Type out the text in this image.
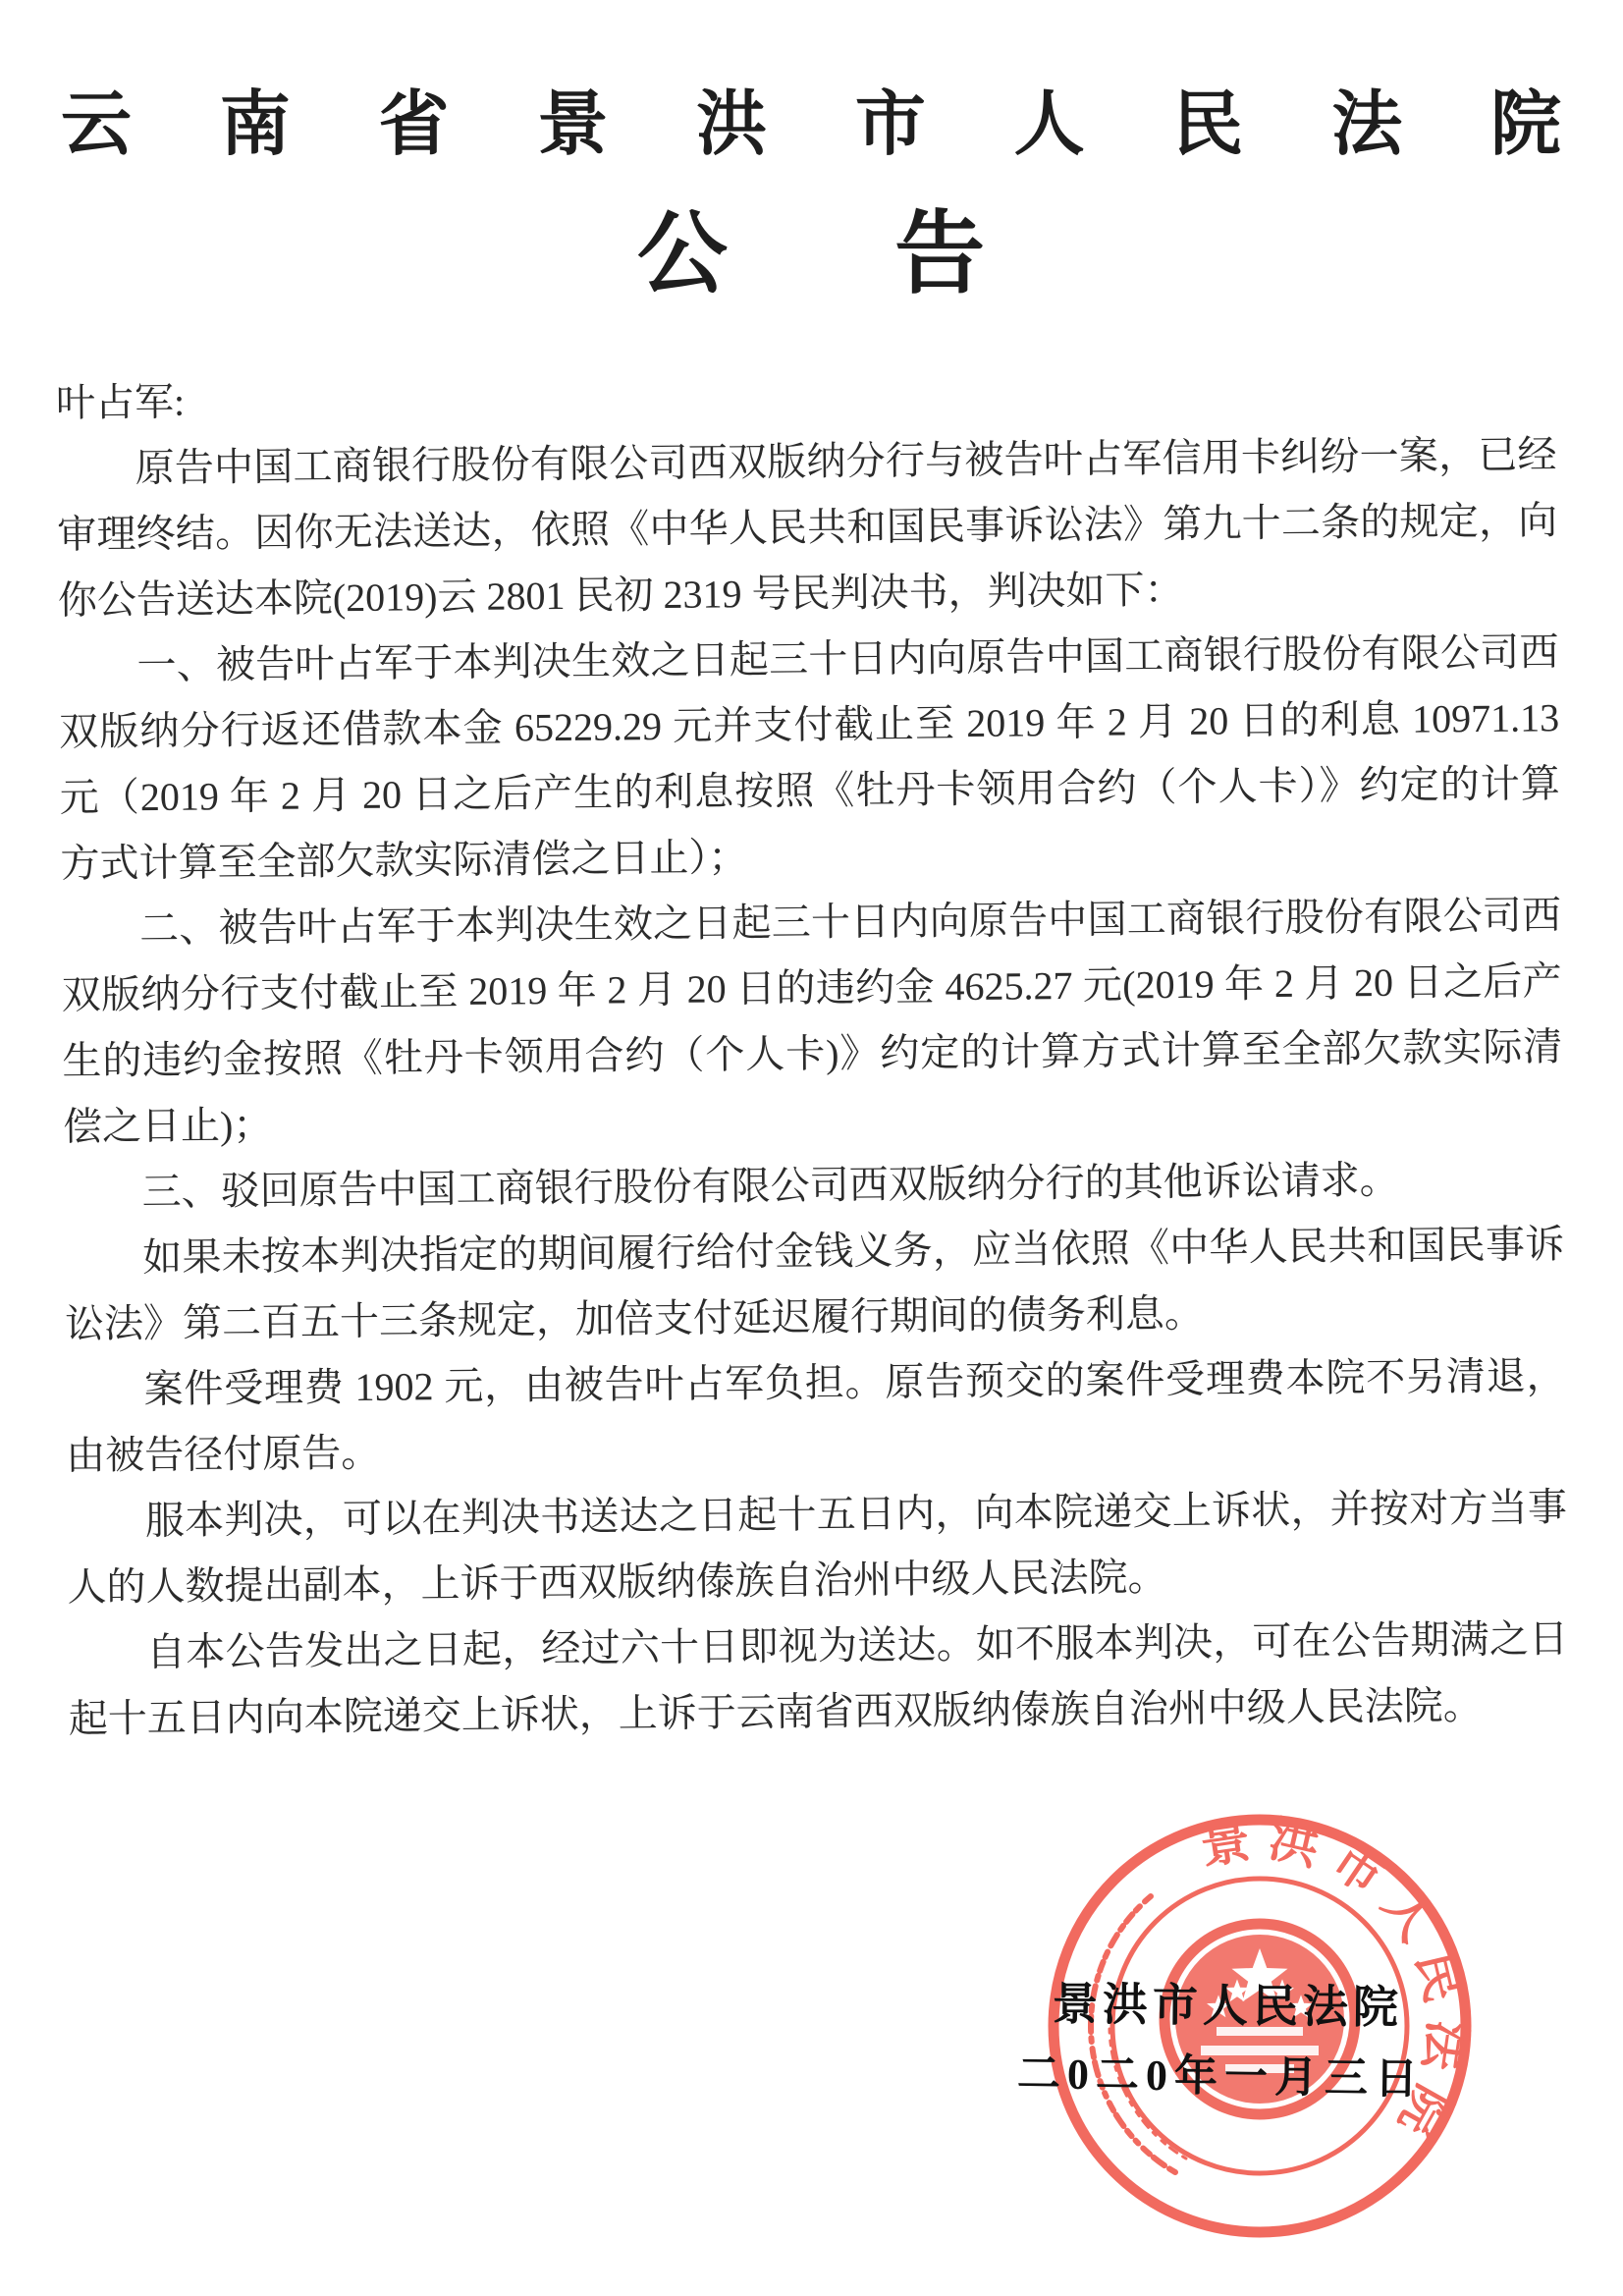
云南省景洪市人民法院
公告

叶占军:

原告中国工商银行股份有限公司西双版纳分行与被告叶占军信用卡纠纷一案，已经审理终结。因你无法送达，依照《中华人民共和国民事诉讼法》第九十二条的规定，向你公告送达本院(2019)云 2801 民初 2319 号民判决书，判决如下：

一、被告叶占军于本判决生效之日起三十日内向原告中国工商银行股份有限公司西双版纳分行返还借款本金 65229.29 元并支付截止至 2019 年 2 月 20 日的利息 10971.13 元（2019 年 2 月 20 日之后产生的利息按照《牡丹卡领用合约（个人卡）》约定的计算方式计算至全部欠款实际清偿之日止）；

二、被告叶占军于本判决生效之日起三十日内向原告中国工商银行股份有限公司西双版纳分行支付截止至 2019 年 2 月 20 日的违约金 4625.27 元(2019 年 2 月 20 日之后产生的违约金按照《牡丹卡领用合约（个人卡)》约定的计算方式计算至全部欠款实际清偿之日止)；

三、驳回原告中国工商银行股份有限公司西双版纳分行的其他诉讼请求。

如果未按本判决指定的期间履行给付金钱义务，应当依照《中华人民共和国民事诉讼法》第二百五十三条规定，加倍支付延迟履行期间的债务利息。

案件受理费 1902 元，由被告叶占军负担。原告预交的案件受理费本院不另清退，由被告径付原告。

服本判决，可以在判决书送达之日起十五日内，向本院递交上诉状，并按对方当事人的人数提出副本，上诉于西双版纳傣族自治州中级人民法院。

自本公告发出之日起，经过六十日即视为送达。如不服本判决，可在公告期满之日起十五日内向本院递交上诉状，上诉于云南省西双版纳傣族自治州中级人民法院。

景洪市人民法院
景洪市人民法院
二0二0年一月三日
